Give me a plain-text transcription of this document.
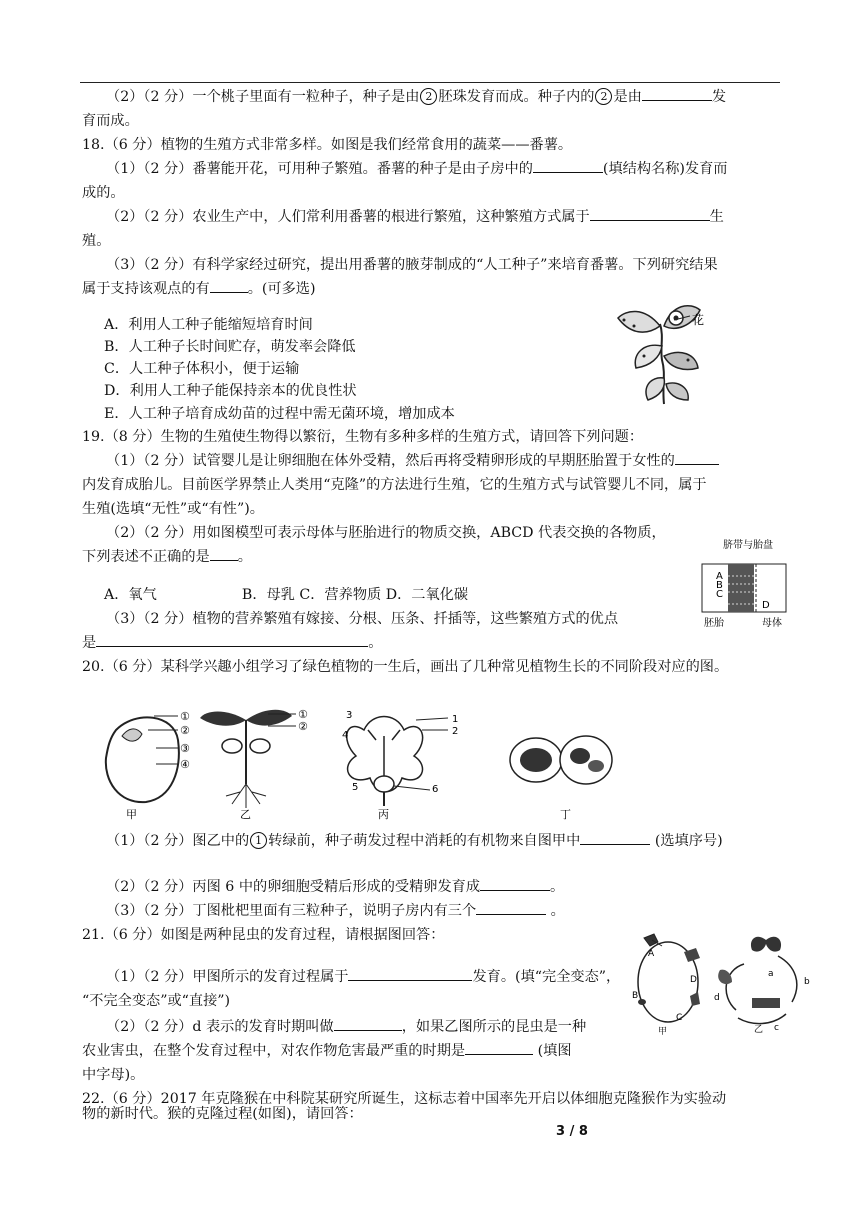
（2）（2 分）一个桃子里面有一粒种子，种子是由 2 胚珠发育而成。种子内的 2 是由	发
育而成。
18.（6 分）植物的生殖方式非常多样。如图是我们经常食用的蔬菜——番薯。
（1）（2 分）番薯能开花，可用种子繁殖。番薯的种子是由子房中的	(填结构名称)发育而
成的。
（2）（2 分）农业生产中，人们常利用番薯的根进行繁殖，这种繁殖方式属于	生
殖。
（3）（2 分）有科学家经过研究，提出用番薯的腋芽制成的“人工种子”来培育番薯。下列研究结果
属于支持该观点的有	。(可多选)
A．利用人工种子能缩短培育时间
B．人工种子长时间贮存，萌发率会降低
C．人工种子体积小，便于运输
D．利用人工种子能保持亲本的优良性状
E．人工种子培育成幼苗的过程中需无菌环境，增加成本
花
19.（8 分）生物的生殖使生物得以繁衍，生物有多种多样的生殖方式，请回答下列问题：
（1）（2 分）试管婴儿是让卵细胞在体外受精，然后再将受精卵形成的早期胚胎置于女性的
内发育成胎儿。目前医学界禁止人类用“克隆”的方法进行生殖，它的生殖方式与试管婴儿不同，属于
生殖(选填“无性”或“有性”)。
（2）（2 分）用如图模型可表示母体与胚胎进行的物质交换，ABCD 代表交换的各物质，
下列表述不正确的是 。
A．氧气　　　　　　B．母乳 C．营养物质 D．二氧化碳
（3）（2 分）植物的营养繁殖有嫁接、分根、压条、扦插等，这些繁殖方式的优点
是	。
脐带与胎盘
A
B
C
D
胚胎	母体
20.（6 分）某科学兴趣小组学习了绿色植物的一生后，画出了几种常见植物生长的不同阶段对应的图。
①
②
③
④
甲
①
②
乙
3
4
1
2
5	6
丙	丁
（1）（2 分）图乙中的 1 转绿前，种子萌发过程中消耗的有机物来自图甲中	(选填序号)
（2）（2 分）丙图 6 中的卵细胞受精后形成的受精卵发育成	。
（3）（2 分）丁图枇杷里面有三粒种子，说明子房内有三个	。
21.（6 分）如图是两种昆虫的发育过程，请根据图回答：
（1）（2 分）甲图所示的发育过程属于	发育。(填“完全变态”，
“不完全变态”或“直接”)
（2）（2 分）d 表示的发育时期叫做	，如果乙图所示的昆虫是一种
农业害虫，在整个发育过程中，对农作物危害最严重的时期是	(填图
中字母)。
A
B
C
D
甲
a
b
c
d
乙
22.（6 分）2017 年克隆猴在中科院某研究所诞生，这标志着中国率先开启以体细胞克隆猴作为实验动
物的新时代。猴的克隆过程(如图)，请回答：
3 / 8
